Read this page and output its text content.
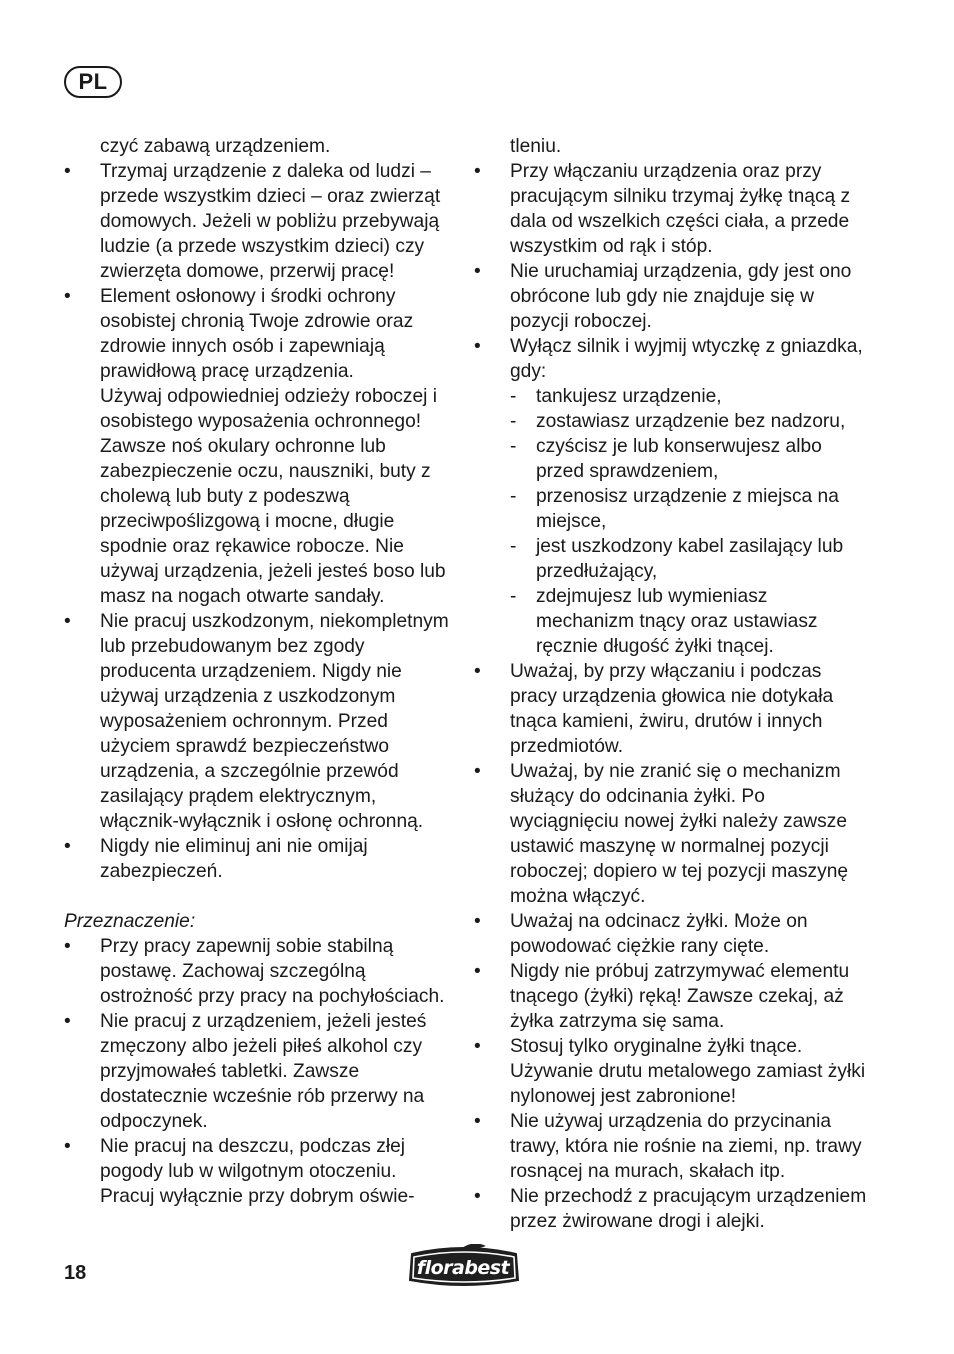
PL

czyć zabawą urządzeniem.

• Trzymaj urządzenie z daleka od ludzi – przede wszystkim dzieci – oraz zwierząt domowych. Jeżeli w pobliżu przebywają ludzie (a przede wszystkim dzieci) czy zwierzęta domowe, przerwij pracę!
• Element osłonowy i środki ochrony osobistej chronią Twoje zdrowie oraz zdrowie innych osób i zapewniają prawidłową pracę urządzenia.
Używaj odpowiedniej odzieży roboczej i osobistego wyposażenia ochronnego! Zawsze noś okulary ochronne lub zabezpieczenie oczu, nauszniki, buty z cholewą lub buty z podeszwą przeciwpoślizgową i mocne, długie spodnie oraz rękawice robocze. Nie używaj urządzenia, jeżeli jesteś boso lub masz na nogach otwarte sandały.
• Nie pracuj uszkodzonym, niekompletnym lub przebudowanym bez zgody producenta urządzeniem. Nigdy nie używaj urządzenia z uszkodzonym wyposażeniem ochronnym. Przed użyciem sprawdź bezpieczeństwo urządzenia, a szczególnie przewód zasilający prądem elektrycznym, włącznik-wyłącznik i osłonę ochronną.
• Nigdy nie eliminuj ani nie omijaj zabezpieczeń.

Przeznaczenie:

• Przy pracy zapewnij sobie stabilną postawę. Zachowaj szczególną ostrożność przy pracy na pochyłościach.
• Nie pracuj z urządzeniem, jeżeli jesteś zmęczony albo jeżeli piłeś alkohol czy przyjmowałeś tabletki. Zawsze dostatecznie wcześnie rób przerwy na odpoczynek.
• Nie pracuj na deszczu, podczas złej pogody lub w wilgotnym otoczeniu. Pracuj wyłącznie przy dobrym oświe-

tleniu.

• Przy włączaniu urządzenia oraz przy pracującym silniku trzymaj żyłkę tnącą z dala od wszelkich części ciała, a przede wszystkim od rąk i stóp.
• Nie uruchamiaj urządzenia, gdy jest ono obrócone lub gdy nie znajduje się w pozycji roboczej.
• Wyłącz silnik i wyjmij wtyczkę z gniazdka, gdy:
- tankujesz urządzenie,
- zostawiasz urządzenie bez nadzoru,
- czyścisz je lub konserwujesz albo przed sprawdzeniem,
- przenosisz urządzenie z miejsca na miejsce,
- jest uszkodzony kabel zasilający lub przedłużający,
- zdejmujesz lub wymieniasz mechanizm tnący oraz ustawiasz ręcznie długość żyłki tnącej.
• Uważaj, by przy włączaniu i podczas pracy urządzenia głowica nie dotykała tnąca kamieni, żwiru, drutów i innych przedmiotów.
• Uważaj, by nie zranić się o mechanizm służący do odcinania żyłki. Po wyciągnięciu nowej żyłki należy zawsze ustawić maszynę w normalnej pozycji roboczej; dopiero w tej pozycji maszynę można włączyć.
• Uważaj na odcinacz żyłki. Może on powodować ciężkie rany cięte.
• Nigdy nie próbuj zatrzymywać elementu tnącego (żyłki) ręką! Zawsze czekaj, aż żyłka zatrzyma się sama.
• Stosuj tylko oryginalne żyłki tnące. Używanie drutu metalowego zamiast żyłki nylonowej jest zabronione!
• Nie używaj urządzenia do przycinania trawy, która nie rośnie na ziemi, np. trawy rosnącej na murach, skałach itp.
• Nie przechodź z pracującym urządzeniem przez żwirowane drogi i alejki.
18	florabest
